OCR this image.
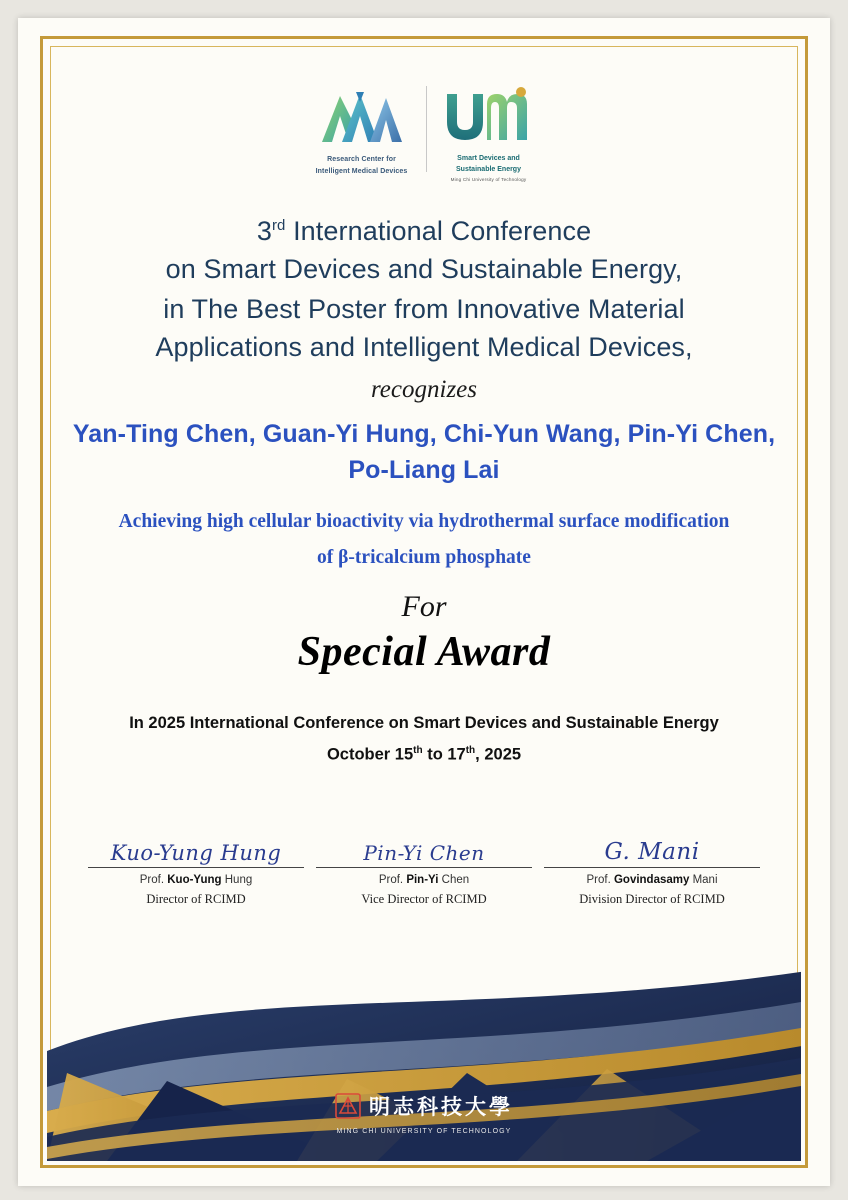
明志科技大學
MING CHI UNIVERSITY OF TECHNOLOGY
Research Center for
Intelligent Medical Devices
Smart Devices and
Sustainable Energy
Ming Chi University of Technology
3rd International Conference
on Smart Devices and Sustainable Energy,
in The Best Poster from Innovative Material
Applications and Intelligent Medical Devices,
recognizes
Yan-Ting Chen, Guan-Yi Hung, Chi-Yun Wang, Pin-Yi Chen, Po-Liang Lai
Achieving high cellular bioactivity via hydrothermal surface modification
of β-tricalcium phosphate
For
Special Award
In 2025 International Conference on Smart Devices and Sustainable Energy
October 15th to 17th, 2025
Kuo-Yung Hung
Prof. Kuo-Yung Hung
Director of RCIMD
Pin-Yi Chen
Prof. Pin-Yi Chen
Vice Director of RCIMD
G. Mani
Prof. Govindasamy Mani
Division Director of RCIMD
